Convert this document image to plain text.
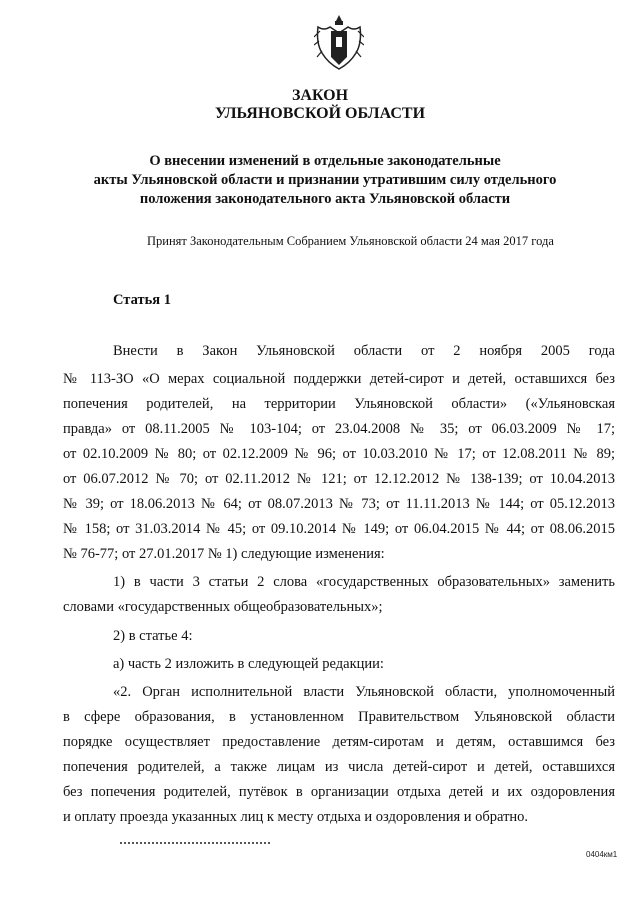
ЗАКОН
УЛЬЯНОВСКОЙ ОБЛАСТИ
О внесении изменений в отдельные законодательные
акты Ульяновской области и признании утратившим силу отдельного
положения законодательного акта Ульяновской области
Принят Законодательным Собранием Ульяновской области 24 мая 2017 года
Статья 1
Внести в Закон Ульяновской области от 2 ноября 2005 года
№ 113-ЗО «О мерах социальной поддержки детей-сирот и детей, оставшихся без
попечения родителей, на территории Ульяновской области» («Ульяновская
правда» от 08.11.2005 № 103-104; от 23.04.2008 № 35; от 06.03.2009 № 17;
от 02.10.2009 № 80; от 02.12.2009 № 96; от 10.03.2010 № 17; от 12.08.2011 № 89;
от 06.07.2012 № 70; от 02.11.2012 № 121; от 12.12.2012 № 138-139; от 10.04.2013
№ 39; от 18.06.2013 № 64; от 08.07.2013 № 73; от 11.11.2013 № 144; от 05.12.2013
№ 158; от 31.03.2014 № 45; от 09.10.2014 № 149; от 06.04.2015 № 44; от 08.06.2015
№ 76-77; от 27.01.2017 № 1) следующие изменения:
1) в части 3 статьи 2 слова «государственных образовательных» заменить
словами «государственных общеобразовательных»;
2) в статье 4:
а) часть 2 изложить в следующей редакции:
«2. Орган исполнительной власти Ульяновской области, уполномоченный
в сфере образования, в установленном Правительством Ульяновской области
порядке осуществляет предоставление детям-сиротам и детям, оставшимся без
попечения родителей, а также лицам из числа детей-сирот и детей, оставшихся
без попечения родителей, путёвок в организации отдыха детей и их оздоровления
и оплату проезда указанных лиц к месту отдыха и оздоровления и обратно.
0404км1
